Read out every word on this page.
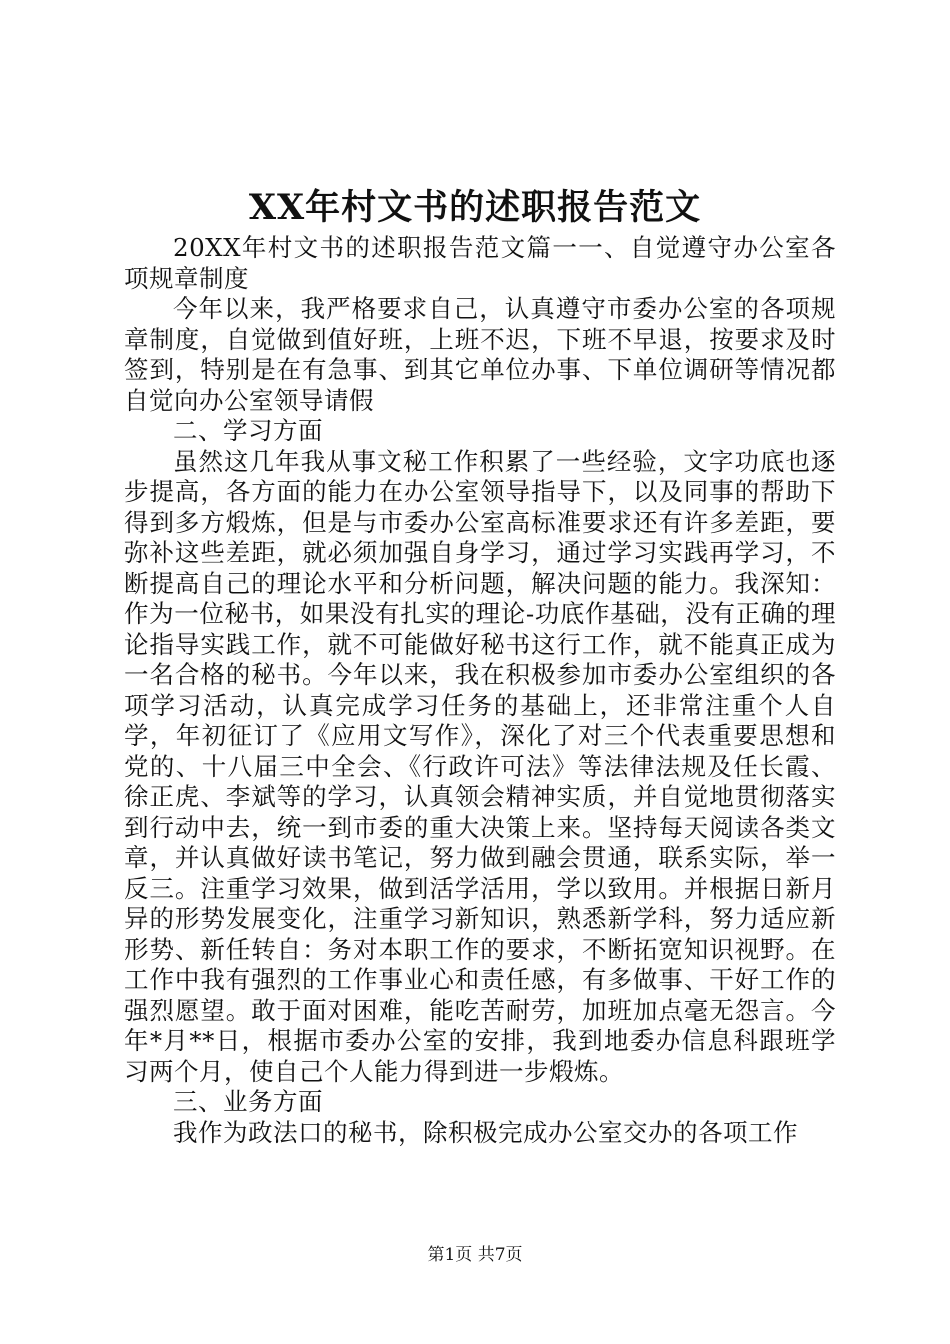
XX年村文书的述职报告范文

20XX年村文书的述职报告范文篇一一、自觉遵守办公室各项规章制度

今年以来，我严格要求自己，认真遵守市委办公室的各项规章制度，自觉做到值好班，上班不迟，下班不早退，按要求及时签到，特别是在有急事、到其它单位办事、下单位调研等情况都自觉向办公室领导请假

二、学习方面

虽然这几年我从事文秘工作积累了一些经验，文字功底也逐步提高，各方面的能力在办公室领导指导下，以及同事的帮助下得到多方煅炼，但是与市委办公室高标准要求还有许多差距，要弥补这些差距，就必须加强自身学习，通过学习实践再学习，不断提高自己的理论水平和分析问题，解决问题的能力。我深知：作为一位秘书，如果没有扎实的理论-功底作基础，没有正确的理论指导实践工作，就不可能做好秘书这行工作，就不能真正成为一名合格的秘书。今年以来，我在积极参加市委办公室组织的各项学习活动，认真完成学习任务的基础上，还非常注重个人自学，年初征订了《应用文写作》，深化了对三个代表重要思想和党的、十八届三中全会、《行政许可法》等法律法规及任长霞、徐正虎、李斌等的学习，认真领会精神实质，并自觉地贯彻落实到行动中去，统一到市委的重大决策上来。坚持每天阅读各类文章，并认真做好读书笔记，努力做到融会贯通，联系实际，举一反三。注重学习效果，做到活学活用，学以致用。并根据日新月异的形势发展变化，注重学习新知识，熟悉新学科，努力适应新形势、新任转自：务对本职工作的要求，不断拓宽知识视野。在工作中我有强烈的工作事业心和责任感，有多做事、干好工作的强烈愿望。敢于面对困难，能吃苦耐劳，加班加点毫无怨言。今年*月**日，根据市委办公室的安排，我到地委办信息科跟班学习两个月，使自己个人能力得到进一步煅炼。

三、业务方面

我作为政法口的秘书，除积极完成办公室交办的各项工作

第1页 共7页
